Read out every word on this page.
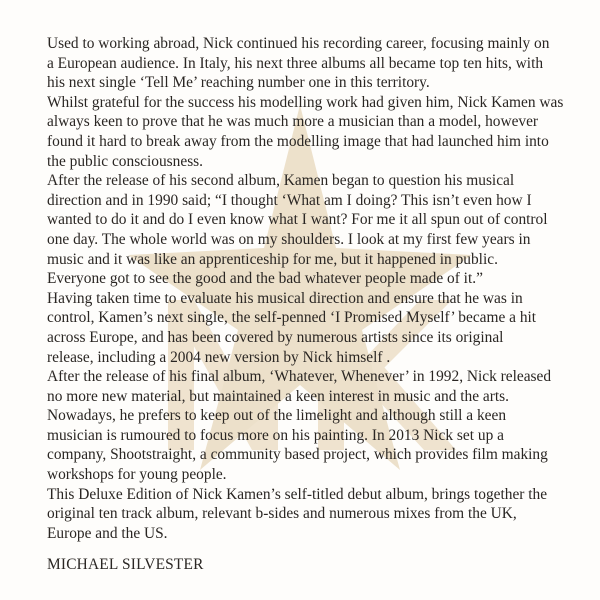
Used to working abroad, Nick continued his recording career, focusing mainly on
a European audience. In Italy, his next three albums all became top ten hits, with
his next single ‘Tell Me’ reaching number one in this territory.
Whilst grateful for the success his modelling work had given him, Nick Kamen was
always keen to prove that he was much more a musician than a model, however
found it hard to break away from the modelling image that had launched him into
the public consciousness.
After the release of his second album, Kamen began to question his musical
direction and in 1990 said; “I thought ‘What am I doing? This isn’t even how I
wanted to do it and do I even know what I want? For me it all spun out of control
one day. The whole world was on my shoulders. I look at my first few years in
music and it was like an apprenticeship for me, but it happened in public.
Everyone got to see the good and the bad whatever people made of it.”
Having taken time to evaluate his musical direction and ensure that he was in
control, Kamen’s next single, the self-penned ‘I Promised Myself’ became a hit
across Europe, and has been covered by numerous artists since its original
release, including a 2004 new version by Nick himself .
After the release of his final album, ‘Whatever, Whenever’ in 1992, Nick released
no more new material, but maintained a keen interest in music and the arts.
Nowadays, he prefers to keep out of the limelight and although still a keen
musician is rumoured to focus more on his painting. In 2013 Nick set up a
company, Shootstraight, a community based project, which provides film making
workshops for young people.
This Deluxe Edition of Nick Kamen’s self-titled debut album, brings together the
original ten track album, relevant b-sides and numerous mixes from the UK,
Europe and the US.
MICHAEL SILVESTER
